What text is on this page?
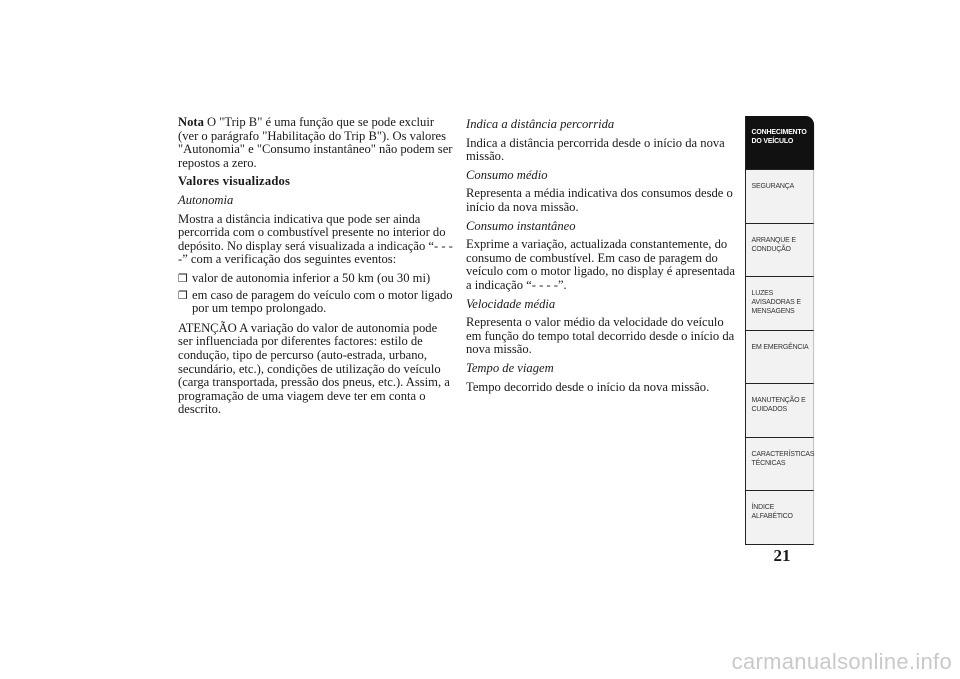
Nota O "Trip B" é uma função que se pode excluir (ver o parágrafo "Habilitação do Trip B"). Os valores "Autonomia" e "Consumo instantâneo" não podem ser repostos a zero.

Valores visualizados

Autonomia

Mostra a distância indicativa que pode ser ainda percorrida com o combustível presente no interior do depósito. No display será visualizada a indicação “- - - -” com a verificação dos seguintes eventos:

❒ valor de autonomia inferior a 50 km (ou 30 mi)
❒ em caso de paragem do veículo com o motor ligado por um tempo prolongado.

ATENÇÃO A variação do valor de autonomia pode ser influenciada por diferentes factores: estilo de condução, tipo de percurso (auto-estrada, urbano, secundário, etc.), condições de utilização do veículo (carga transportada, pressão dos pneus, etc.). Assim, a programação de uma viagem deve ter em conta o descrito.

Indica a distância percorrida

Indica a distância percorrida desde o início da nova missão.

Consumo médio

Representa a média indicativa dos consumos desde o início da nova missão.

Consumo instantâneo

Exprime a variação, actualizada constantemente, do consumo de combustível. Em caso de paragem do veículo com o motor ligado, no display é apresentada a indicação “- - - -”.

Velocidade média

Representa o valor médio da velocidade do veículo em função do tempo total decorrido desde o início da nova missão.

Tempo de viagem

Tempo decorrido desde o início da nova missão.

CONHECIMENTO DO VEÍCULO
SEGURANÇA
ARRANQUE E CONDUÇÃO
LUZES AVISADORAS E MENSAGENS
EM EMERGÊNCIA
MANUTENÇÃO E CUIDADOS
CARACTERÍSTICAS TÉCNICAS
ÍNDICE ALFABÉTICO
21
carmanualsonline.info
